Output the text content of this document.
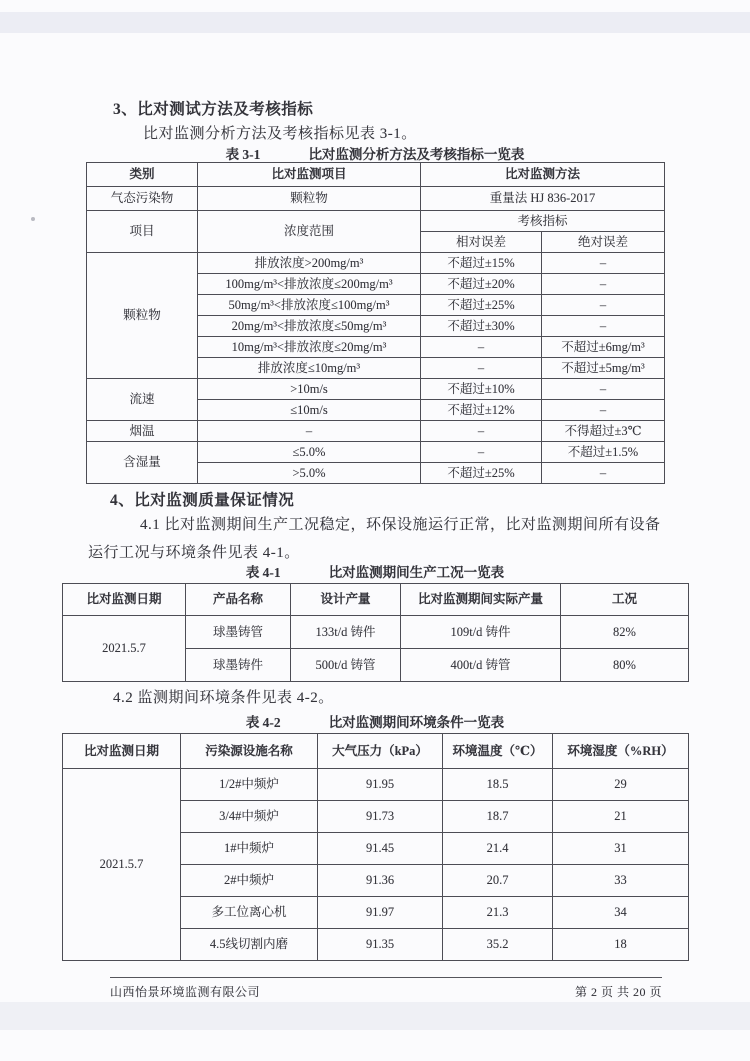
3、比对测试方法及考核指标
比对监测分析方法及考核指标见表 3-1。
表 3-1	比对监测分析方法及考核指标一览表
类别	比对监测项目	比对监测方法	
气态污染物	颗粒物	重量法 HJ 836-2017	
项目	浓度范围	考核指标	
		相对误差	绝对误差
颗粒物	排放浓度>200mg/m³	不超过±15%	–
	100mg/m³<排放浓度≤200mg/m³	不超过±20%	–
	50mg/m³<排放浓度≤100mg/m³	不超过±25%	–
	20mg/m³<排放浓度≤50mg/m³	不超过±30%	–
	10mg/m³<排放浓度≤20mg/m³	–	不超过±6mg/m³
	排放浓度≤10mg/m³	–	不超过±5mg/m³
流速	>10m/s	不超过±10%	–
	≤10m/s	不超过±12%	–
烟温	–	–	不得超过±3℃
含湿量	≤5.0%	–	不超过±1.5%
	>5.0%	不超过±25%	–
4、比对监测质量保证情况
4.1 比对监测期间生产工况稳定，环保设施运行正常，比对监测期间所有设备
运行工况与环境条件见表 4-1。
表 4-1	比对监测期间生产工况一览表
比对监测日期	产品名称	设计产量	比对监测期间实际产量	工况
2021.5.7	球墨铸管	133t/d 铸件	109t/d 铸件	82%
	球墨铸件	500t/d 铸管	400t/d 铸管	80%
4.2 监测期间环境条件见表 4-2。
表 4-2	比对监测期间环境条件一览表
比对监测日期	污染源设施名称	大气压力（kPa）	环境温度（℃）	环境湿度（%RH）
2021.5.7	1/2#中频炉	91.95	18.5	29
	3/4#中频炉	91.73	18.7	21
	1#中频炉	91.45	21.4	31
	2#中频炉	91.36	20.7	33
	多工位离心机	91.97	21.3	34
	4.5线切割内磨	91.35	35.2	18
山西怡景环境监测有限公司	第 2 页 共 20 页
